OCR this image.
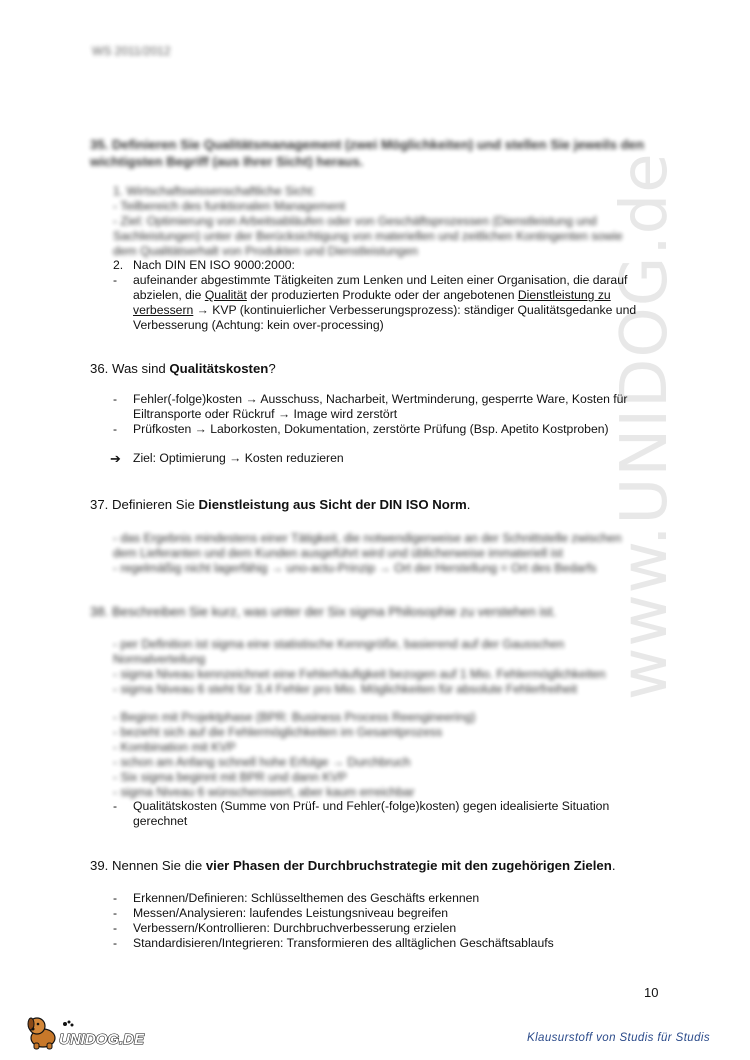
www.UNIDOG.de
WS 2011/2012
35. Definieren Sie Qualitätsmanagement (zwei Möglichkeiten) und stellen Sie jeweils den wichtigsten Begriff (aus Ihrer Sicht) heraus.
1. Wirtschaftswissenschaftliche Sicht:
- Teilbereich des funktionalen Management
- Ziel: Optimierung von Arbeitsabläufen oder von Geschäftsprozessen (Dienstleistung und
Sachleistungen) unter der Berücksichtigung von materiellen und zeitlichen Kontingenten sowie
dem Qualitätserhalt von Produkten und Dienstleistungen
2. Nach DIN EN ISO 9000:2000:
- aufeinander abgestimmte Tätigkeiten zum Lenken und Leiten einer Organisation, die darauf
abzielen, die Qualität der produzierten Produkte oder der angebotenen Dienstleistung zu
verbessern → KVP (kontinuierlicher Verbesserungsprozess): ständiger Qualitätsgedanke und
Verbesserung (Achtung: kein over-processing)
36. Was sind Qualitätskosten?
- Fehler(-folge)kosten → Ausschuss, Nacharbeit, Wertminderung, gesperrte Ware, Kosten für
Eiltransporte oder Rückruf → Image wird zerstört
- Prüfkosten → Laborkosten, Dokumentation, zerstörte Prüfung (Bsp. Apetito Kostproben)
➔ Ziel: Optimierung → Kosten reduzieren
37. Definieren Sie Dienstleistung aus Sicht der DIN ISO Norm.
- das Ergebnis mindestens einer Tätigkeit, die notwendigerweise an der Schnittstelle zwischen
dem Lieferanten und dem Kunden ausgeführt wird und üblicherweise immateriell ist
- regelmäßig nicht lagerfähig → uno-actu-Prinzip → Ort der Herstellung = Ort des Bedarfs
38. Beschreiben Sie kurz, was unter der Six sigma Philosophie zu verstehen ist.
- per Definition ist sigma eine statistische Kenngröße, basierend auf der Gausschen
Normalverteilung
- sigma Niveau kennzeichnet eine Fehlerhäufigkeit bezogen auf 1 Mio. Fehlermöglichkeiten
- sigma Niveau 6 steht für 3,4 Fehler pro Mio. Möglichkeiten für absolute Fehlerfreiheit
- Beginn mit Projektphase (BPR: Business Process Reengineering)
- bezieht sich auf die Fehlermöglichkeiten im Gesamtprozess
- Kombination mit KVP
- schon am Anfang schnell hohe Erfolge → Durchbruch
- Six sigma beginnt mit BPR und dann KVP
- sigma Niveau 6 wünschenswert, aber kaum erreichbar
- Qualitätskosten (Summe von Prüf- und Fehler(-folge)kosten) gegen idealisierte Situation
gerechnet
39. Nennen Sie die vier Phasen der Durchbruchstrategie mit den zugehörigen Zielen.
- Erkennen/Definieren: Schlüsselthemen des Geschäfts erkennen
- Messen/Analysieren: laufendes Leistungsniveau begreifen
- Verbessern/Kontrollieren: Durchbruchverbesserung erzielen
- Standardisieren/Integrieren: Transformieren des alltäglichen Geschäftsablaufs
10
UNIDOG.DE	Klausurstoff von Studis für Studis
